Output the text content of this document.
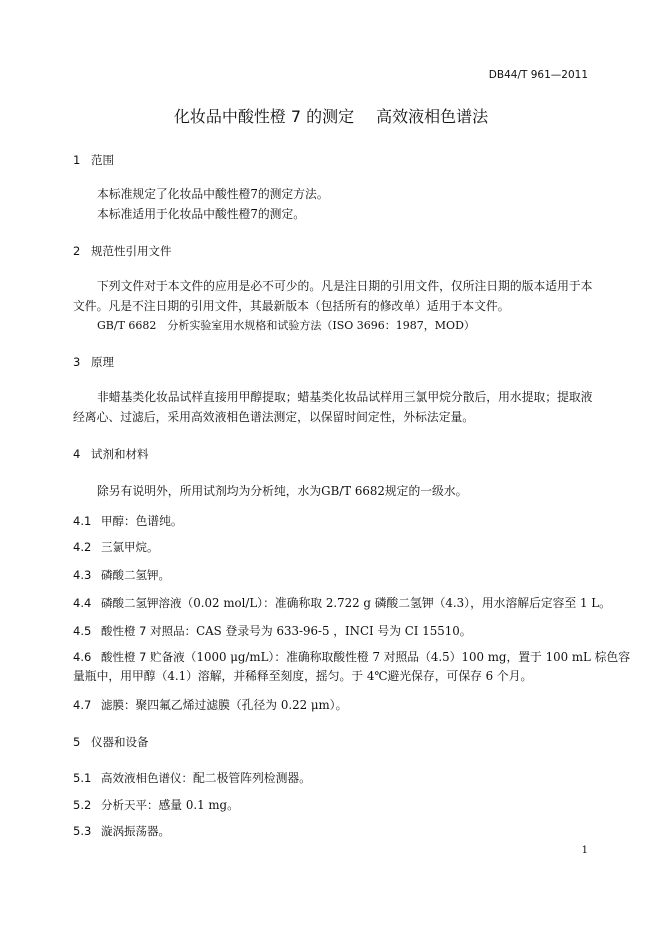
DB44/T 961—2011
化妆品中酸性橙 7 的测定 高效液相色谱法
1 范围
本标准规定了化妆品中酸性橙7的测定方法。
本标准适用于化妆品中酸性橙7的测定。
2 规范性引用文件
下列文件对于本文件的应用是必不可少的。凡是注日期的引用文件，仅所注日期的版本适用于本
文件。凡是不注日期的引用文件，其最新版本（包括所有的修改单）适用于本文件。
GB/T 6682　分析实验室用水规格和试验方法（ISO 3696：1987，MOD）
3 原理
非蜡基类化妆品试样直接用甲醇提取；蜡基类化妆品试样用三氯甲烷分散后，用水提取；提取液
经离心、过滤后，采用高效液相色谱法测定，以保留时间定性，外标法定量。
4 试剂和材料
除另有说明外，所用试剂均为分析纯，水为GB/T 6682规定的一级水。
4.1 甲醇：色谱纯。
4.2 三氯甲烷。
4.3 磷酸二氢钾。
4.4 磷酸二氢钾溶液（0.02 mol/L）：准确称取 2.722 g 磷酸二氢钾（4.3），用水溶解后定容至 1 L。
4.5 酸性橙 7 对照品：CAS 登录号为 633-96-5 ，INCI 号为 CI 15510。
4.6 酸性橙 7 贮备液（1000 μg/mL）：准确称取酸性橙 7 对照品（4.5）100 mg，置于 100 mL 棕色容
量瓶中，用甲醇（4.1）溶解，并稀释至刻度，摇匀。于 4℃避光保存，可保存 6 个月。
4.7 滤膜：聚四氟乙烯过滤膜（孔径为 0.22 μm）。
5 仪器和设备
5.1 高效液相色谱仪：配二极管阵列检测器。
5.2 分析天平：感量 0.1 mg。
5.3 漩涡振荡器。
1
